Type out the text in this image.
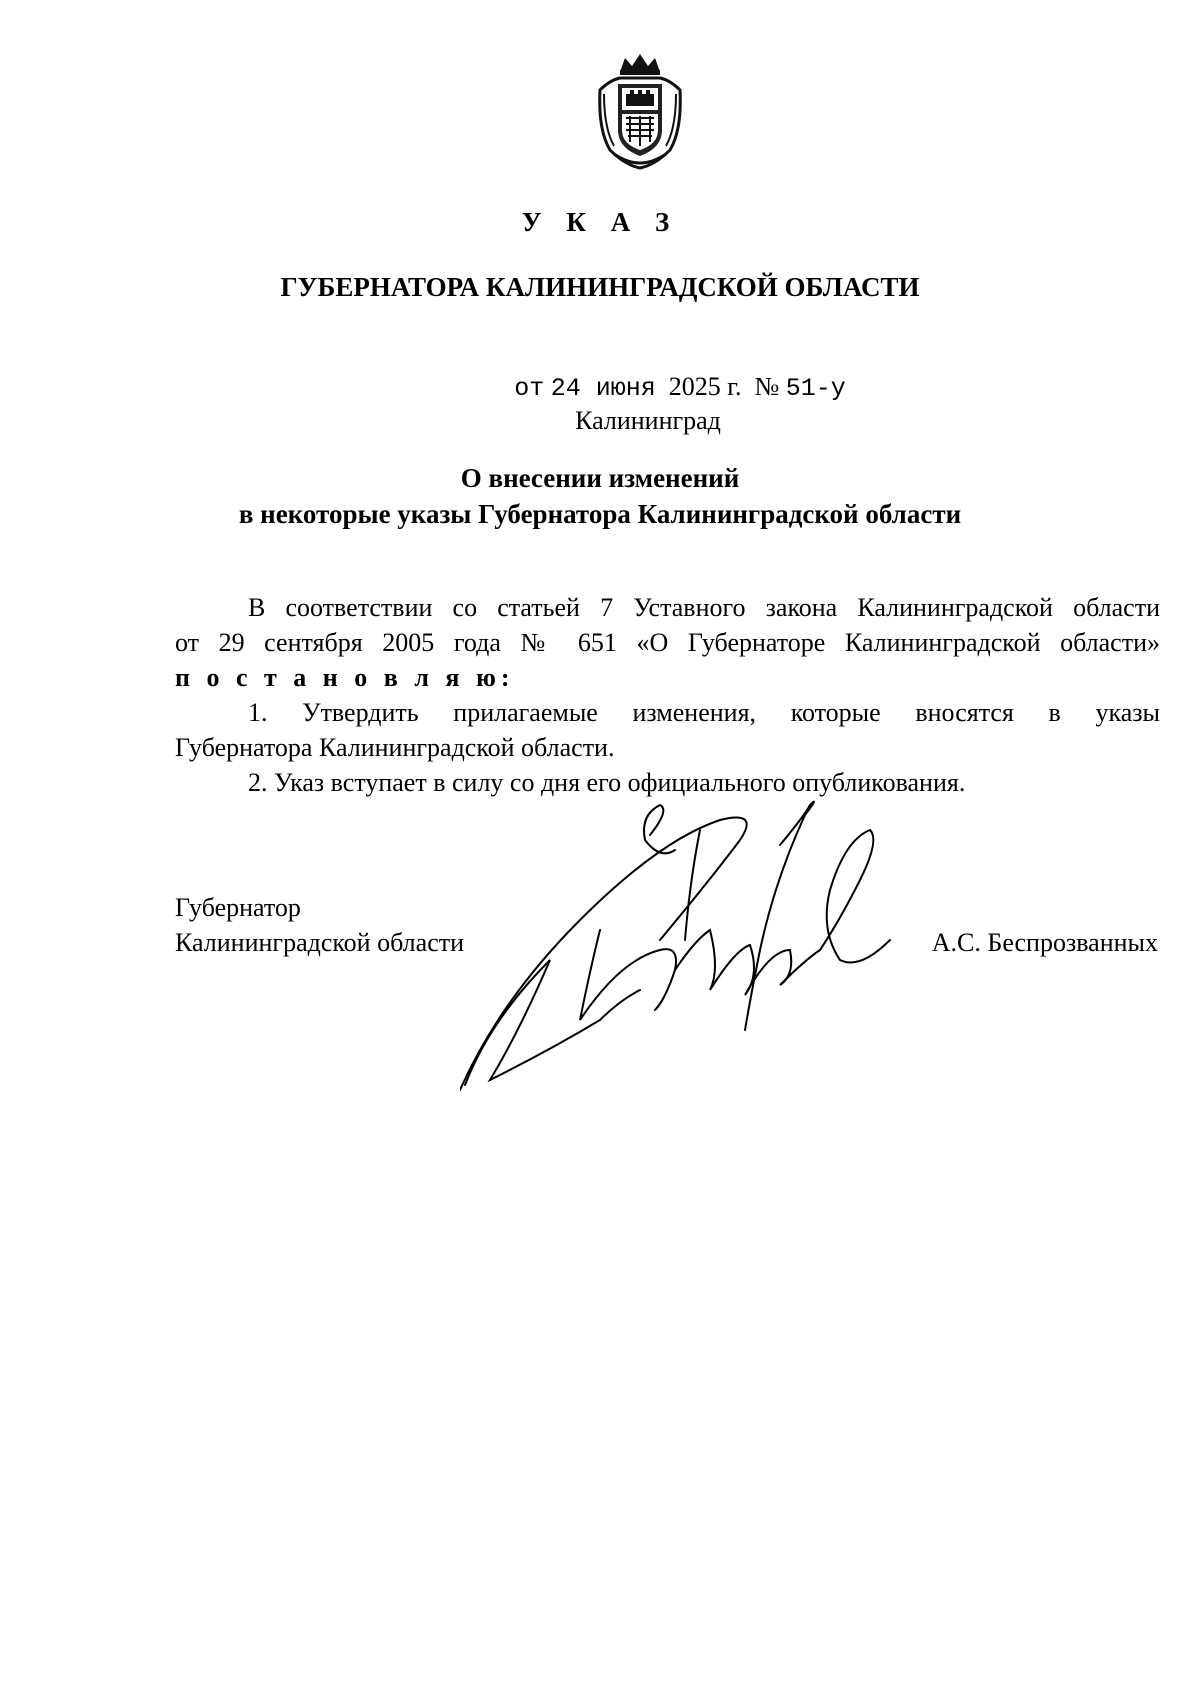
У К А З
ГУБЕРНАТОРА КАЛИНИНГРАДСКОЙ ОБЛАСТИ
от 24 июня 2025 г. № 51-у
Калининград
О внесении изменений
в некоторые указы Губернатора Калининградской области

В соответствии со статьей 7 Уставного закона Калининградской области

от 29 сентября 2005 года № 651 «О Губернаторе Калининградской области»

п о с т а н о в л я ю:

1. Утвердить прилагаемые изменения, которые вносятся в указы

Губернатора Калининградской области.

2. Указ вступает в силу со дня его официального опубликования.

Губернатор
Калининградской области	А.С. Беспрозванных
